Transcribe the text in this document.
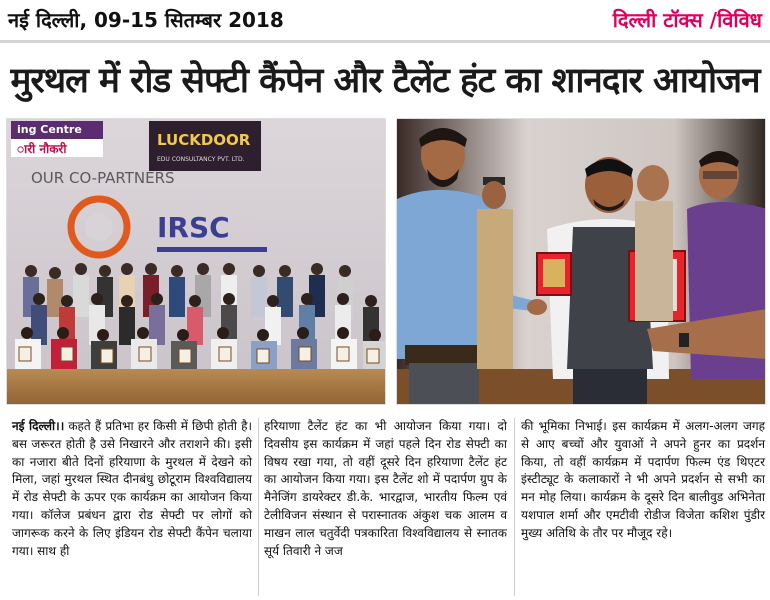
नई दिल्ली, 09-15 सितम्बर 2018	दिल्ली टॉक्स /विविध
मुरथल में रोड सेफ्टी कैंपेन और टैलेंट हंट का शानदार आयोजन
ing Centre
ारी नौकरी	LUCKDOOR
EDU CONSULTANCY PVT. LTD.
OUR CO-PARTNERS
IRSC
नई दिल्ली।। कहते हैं प्रतिभा हर किसी में छिपी होती है। बस जरूरत होती है उसे निखारने और तराशने की। इसी का नजारा बीते दिनों हरियाणा के मुरथल में देखने को मिला, जहां मुरथल स्थित दीनबंधु छोटूराम विश्वविद्यालय में रोड सेफ्टी के ऊपर एक कार्यक्रम का आयोजन किया गया। कॉलेज प्रबंधन द्वारा रोड सेफ्टी पर लोगों को जागरूक करने के लिए इंडियन रोड सेफ्टी कैंपेन चलाया गया। साथ ही
हरियाणा टैलेंट हंट का भी आयोजन किया गया। दो दिवसीय इस कार्यक्रम में जहां पहले दिन रोड सेफ्टी का विषय रखा गया, तो वहीं दूसरे दिन हरियाणा टैलेंट हंट का आयोजन किया गया। इस टैलेंट शो में पदार्पण ग्रुप के मैनेजिंग डायरेक्टर डी.के. भारद्वाज, भारतीय फिल्म एवं टेलीविजन संस्थान से परास्नातक अंकुश चक आलम व माखन लाल चतुर्वेदी पत्रकारिता विश्वविद्यालय से स्नातक सूर्य तिवारी ने जज
की भूमिका निभाई। इस कार्यक्रम में अलग-अलग जगह से आए बच्चों और युवाओं ने अपने हुनर का प्रदर्शन किया, तो वहीं कार्यक्रम में पदार्पण फिल्म एंड थिएटर इंस्टीट्यूट के कलाकारों ने भी अपने प्रदर्शन से सभी का मन मोह लिया। कार्यक्रम के दूसरे दिन बालीवुड अभिनेता यशपाल शर्मा और एमटीवी रोडीज विजेता कशिश पुंडीर मुख्य अतिथि के तौर पर मौजूद रहे।
